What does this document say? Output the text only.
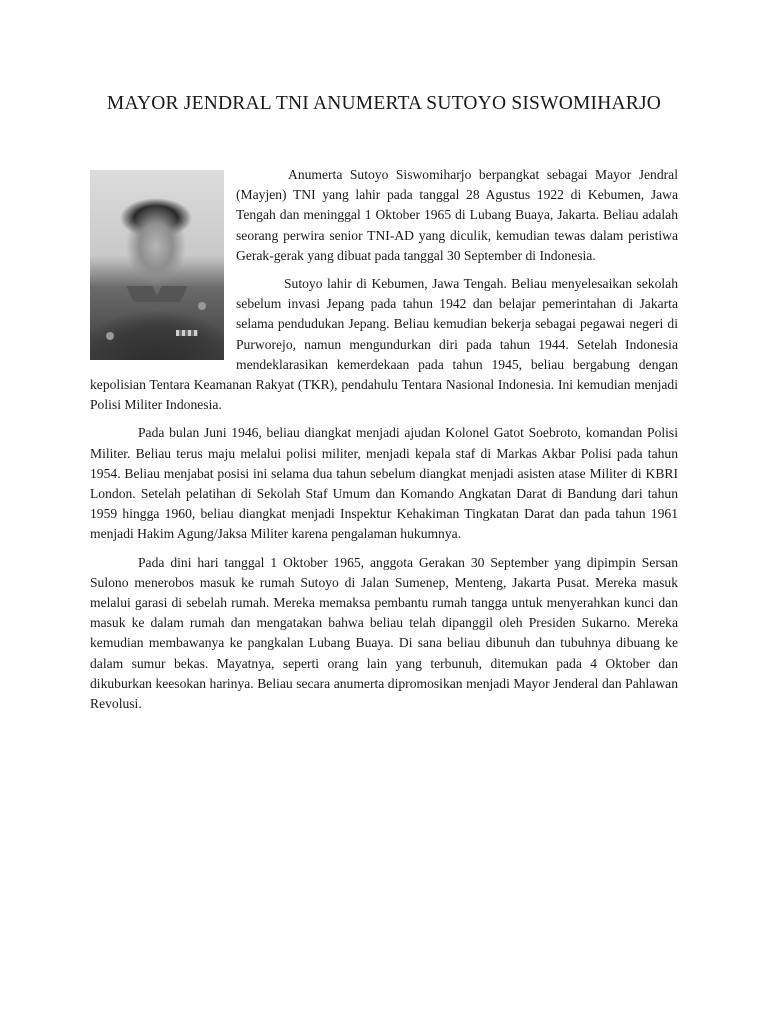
MAYOR JENDRAL TNI ANUMERTA SUTOYO SISWOMIHARJO

Anumerta Sutoyo Siswomiharjo berpangkat sebagai Mayor Jendral (Mayjen) TNI yang lahir pada tanggal 28 Agustus 1922 di Kebumen, Jawa Tengah dan meninggal 1 Oktober 1965 di Lubang Buaya, Jakarta. Beliau adalah seorang perwira senior TNI-AD yang diculik, kemudian tewas dalam peristiwa Gerak-gerak yang dibuat pada tanggal 30 September di Indonesia.

Sutoyo lahir di Kebumen, Jawa Tengah. Beliau menyelesaikan sekolah sebelum invasi Jepang pada tahun 1942 dan belajar pemerintahan di Jakarta selama pendudukan Jepang. Beliau kemudian bekerja sebagai pegawai negeri di Purworejo, namun mengundurkan diri pada tahun 1944. Setelah Indonesia mendeklarasikan kemerdekaan pada tahun 1945, beliau bergabung dengan kepolisian Tentara Keamanan Rakyat (TKR), pendahulu Tentara Nasional Indonesia. Ini kemudian menjadi Polisi Militer Indonesia.

Pada bulan Juni 1946, beliau diangkat menjadi ajudan Kolonel Gatot Soebroto, komandan Polisi Militer. Beliau terus maju melalui polisi militer, menjadi kepala staf di Markas Akbar Polisi pada tahun 1954. Beliau menjabat posisi ini selama dua tahun sebelum diangkat menjadi asisten atase Militer di KBRI London. Setelah pelatihan di Sekolah Staf Umum dan Komando Angkatan Darat di Bandung dari tahun 1959 hingga 1960, beliau diangkat menjadi Inspektur Kehakiman Tingkatan Darat dan pada tahun 1961 menjadi Hakim Agung/Jaksa Militer karena pengalaman hukumnya.

Pada dini hari tanggal 1 Oktober 1965, anggota Gerakan 30 September yang dipimpin Sersan Sulono menerobos masuk ke rumah Sutoyo di Jalan Sumenep, Menteng, Jakarta Pusat. Mereka masuk melalui garasi di sebelah rumah. Mereka memaksa pembantu rumah tangga untuk menyerahkan kunci dan masuk ke dalam rumah dan mengatakan bahwa beliau telah dipanggil oleh Presiden Sukarno. Mereka kemudian membawanya ke pangkalan Lubang Buaya. Di sana beliau dibunuh dan tubuhnya dibuang ke dalam sumur bekas. Mayatnya, seperti orang lain yang terbunuh, ditemukan pada 4 Oktober dan dikuburkan keesokan harinya. Beliau secara anumerta dipromosikan menjadi Mayor Jenderal dan Pahlawan Revolusi.
